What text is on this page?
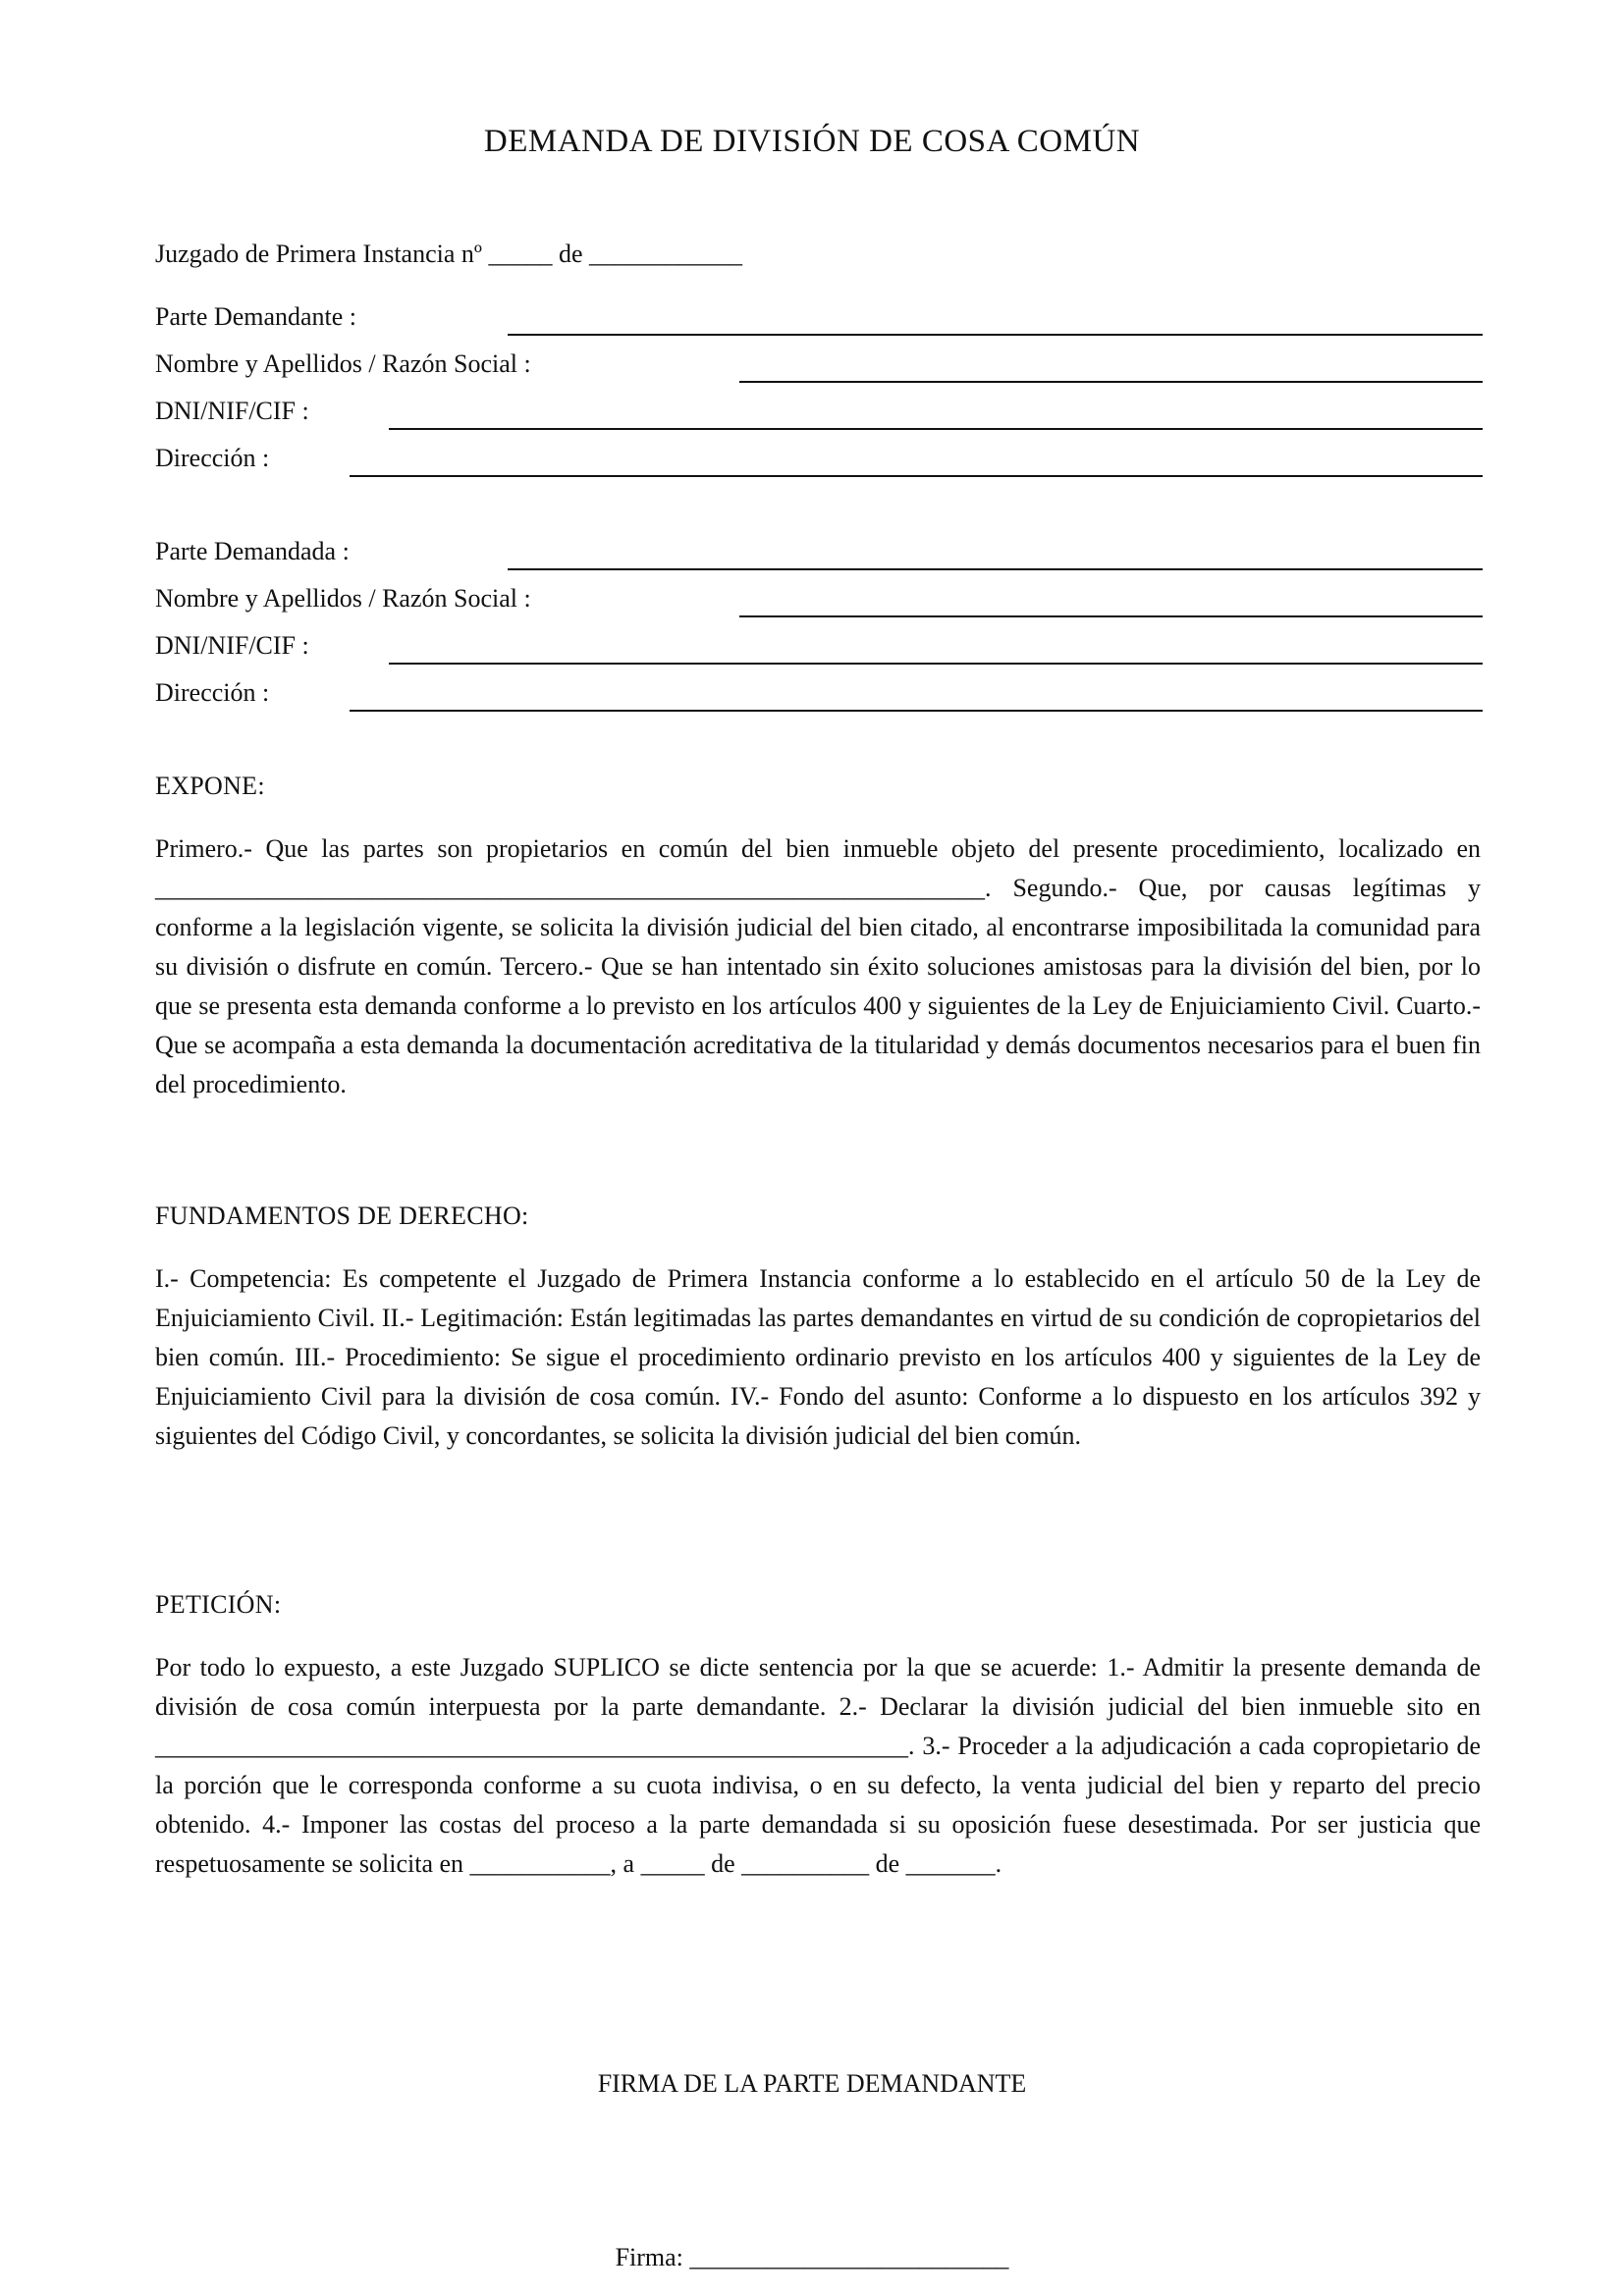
DEMANDA DE DIVISIÓN DE COSA COMÚN
Juzgado de Primera Instancia nº _____ de ____________
Parte Demandante :
Nombre y Apellidos / Razón Social :
DNI/NIF/CIF :
Dirección :
Parte Demandada :
Nombre y Apellidos / Razón Social :
DNI/NIF/CIF :
Dirección :
EXPONE:
Primero.- Que las partes son propietarios en común del bien inmueble objeto del presente procedimiento, localizado en _________________________________________________________________. Segundo.- Que, por causas legítimas y conforme a la legislación vigente, se solicita la división judicial del bien citado, al encontrarse imposibilitada la comunidad para su división o disfrute en común. Tercero.- Que se han intentado sin éxito soluciones amistosas para la división del bien, por lo que se presenta esta demanda conforme a lo previsto en los artículos 400 y siguientes de la Ley de Enjuiciamiento Civil. Cuarto.- Que se acompaña a esta demanda la documentación acreditativa de la titularidad y demás documentos necesarios para el buen fin del procedimiento.
FUNDAMENTOS DE DERECHO:
I.- Competencia: Es competente el Juzgado de Primera Instancia conforme a lo establecido en el artículo 50 de la Ley de Enjuiciamiento Civil. II.- Legitimación: Están legitimadas las partes demandantes en virtud de su condición de copropietarios del bien común. III.- Procedimiento: Se sigue el procedimiento ordinario previsto en los artículos 400 y siguientes de la Ley de Enjuiciamiento Civil para la división de cosa común. IV.- Fondo del asunto: Conforme a lo dispuesto en los artículos 392 y siguientes del Código Civil, y concordantes, se solicita la división judicial del bien común.
PETICIÓN:
Por todo lo expuesto, a este Juzgado SUPLICO se dicte sentencia por la que se acuerde: 1.- Admitir la presente demanda de división de cosa común interpuesta por la parte demandante. 2.- Declarar la división judicial del bien inmueble sito en ___________________________________________________________. 3.- Proceder a la adjudicación a cada copropietario de la porción que le corresponda conforme a su cuota indivisa, o en su defecto, la venta judicial del bien y reparto del precio obtenido. 4.- Imponer las costas del proceso a la parte demandada si su oposición fuese desestimada. Por ser justicia que respetuosamente se solicita en ___________, a _____ de __________ de _______.
FIRMA DE LA PARTE DEMANDANTE
Firma: _________________________
